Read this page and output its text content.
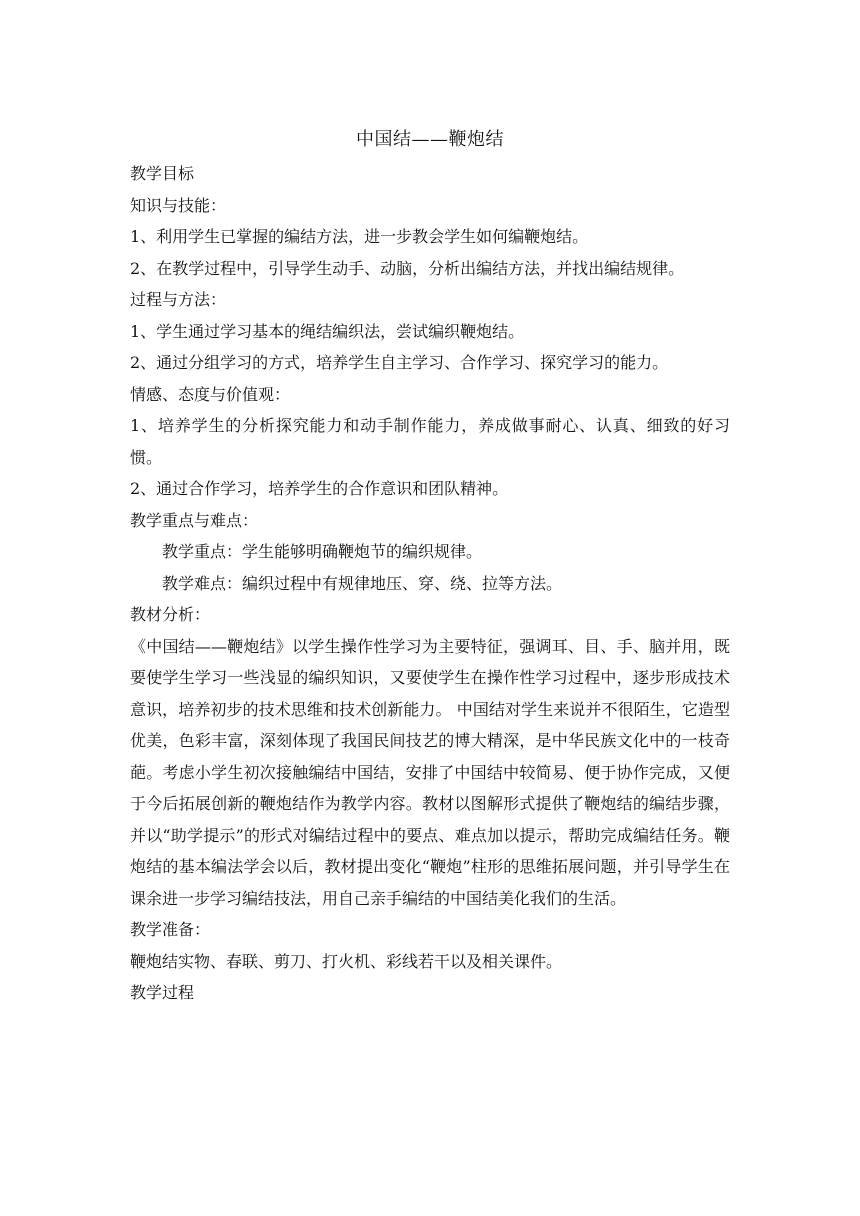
中国结——鞭炮结

教学目标

知识与技能：

1、利用学生已掌握的编结方法，进一步教会学生如何编鞭炮结。

2、在教学过程中，引导学生动手、动脑，分析出编结方法，并找出编结规律。

过程与方法：

1、学生通过学习基本的绳结编织法，尝试编织鞭炮结。

2、通过分组学习的方式，培养学生自主学习、合作学习、探究学习的能力。

情感、态度与价值观：

1、培养学生的分析探究能力和动手制作能力，养成做事耐心、认真、细致的好习惯。

2、通过合作学习，培养学生的合作意识和团队精神。

教学重点与难点：

教学重点：学生能够明确鞭炮节的编织规律。

教学难点：编织过程中有规律地压、穿、绕、拉等方法。

教材分析：

《中国结——鞭炮结》以学生操作性学习为主要特征，强调耳、目、手、脑并用，既要使学生学习一些浅显的编织知识，又要使学生在操作性学习过程中，逐步形成技术意识，培养初步的技术思维和技术创新能力。 中国结对学生来说并不很陌生，它造型优美，色彩丰富，深刻体现了我国民间技艺的博大精深，是中华民族文化中的一枝奇葩。考虑小学生初次接触编结中国结，安排了中国结中较简易、便于协作完成，又便于今后拓展创新的鞭炮结作为教学内容。教材以图解形式提供了鞭炮结的编结步骤，并以“助学提示”的形式对编结过程中的要点、难点加以提示，帮助完成编结任务。鞭炮结的基本编法学会以后，教材提出变化“鞭炮”柱形的思维拓展问题，并引导学生在课余进一步学习编结技法，用自己亲手编结的中国结美化我们的生活。

教学准备：

鞭炮结实物、春联、剪刀、打火机、彩线若干以及相关课件。

教学过程
